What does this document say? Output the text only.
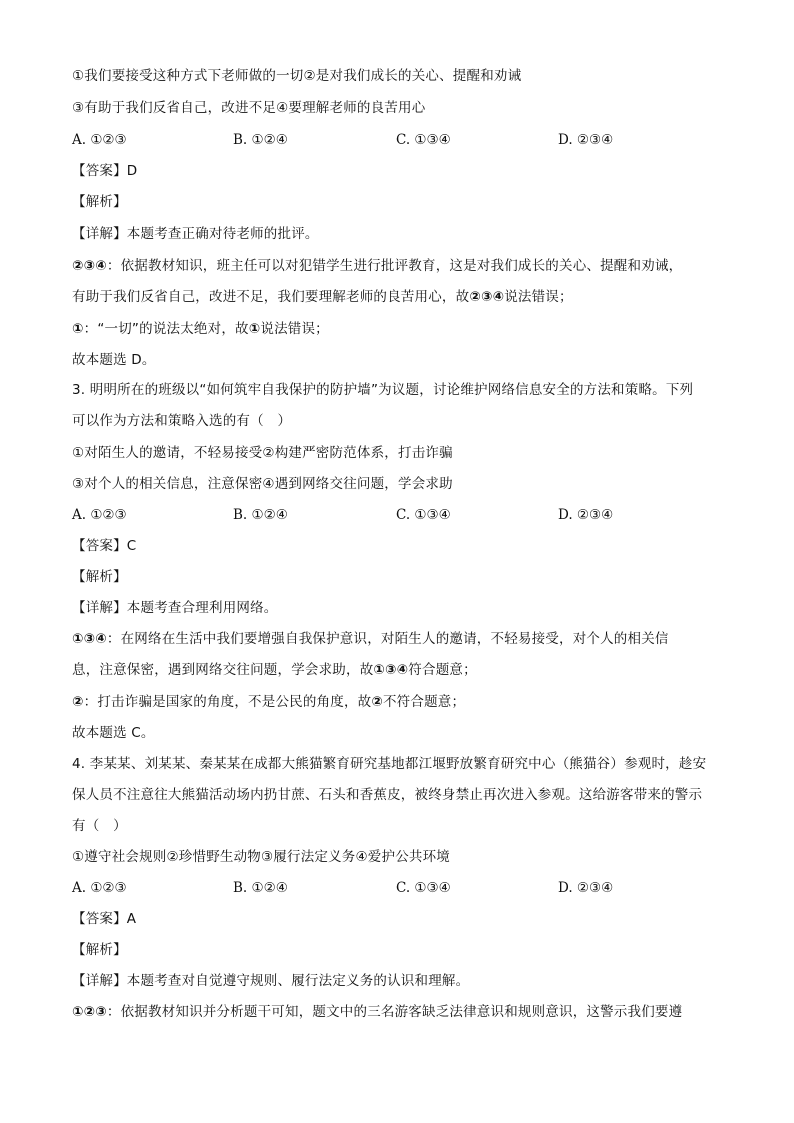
①我们要接受这种方式下老师做的一切②是对我们成长的关心、提醒和劝诫
③有助于我们反省自己，改进不足④要理解老师的良苦用心
A. ①②③	B. ①②④	C. ①③④	D. ②③④
【答案】D
【解析】
【详解】本题考查正确对待老师的批评。
②③④：依据教材知识，班主任可以对犯错学生进行批评教育，这是对我们成长的关心、提醒和劝诫，
有助于我们反省自己，改进不足，我们要理解老师的良苦用心，故②③④说法错误；
①：“一切”的说法太绝对，故①说法错误；
故本题选 D。
3. 明明所在的班级以“如何筑牢自我保护的防护墙”为议题，讨论维护网络信息安全的方法和策略。下列
可以作为方法和策略入选的有（　）
①对陌生人的邀请，不轻易接受②构建严密防范体系，打击诈骗
③对个人的相关信息，注意保密④遇到网络交往问题，学会求助
A. ①②③	B. ①②④	C. ①③④	D. ②③④
【答案】C
【解析】
【详解】本题考查合理利用网络。
①③④：在网络在生活中我们要增强自我保护意识，对陌生人的邀请，不轻易接受，对个人的相关信
息，注意保密，遇到网络交往问题，学会求助，故①③④符合题意；
②：打击诈骗是国家的角度，不是公民的角度，故②不符合题意；
故本题选 C。
4. 李某某、刘某某、秦某某在成都大熊猫繁育研究基地都江堰野放繁育研究中心（熊猫谷）参观时，趁安
保人员不注意往大熊猫活动场内扔甘蔗、石头和香蕉皮，被终身禁止再次进入参观。这给游客带来的警示
有（　）
①遵守社会规则②珍惜野生动物③履行法定义务④爱护公共环境
A. ①②③	B. ①②④	C. ①③④	D. ②③④
【答案】A
【解析】
【详解】本题考查对自觉遵守规则、履行法定义务的认识和理解。
①②③：依据教材知识并分析题干可知，题文中的三名游客缺乏法律意识和规则意识，这警示我们要遵
